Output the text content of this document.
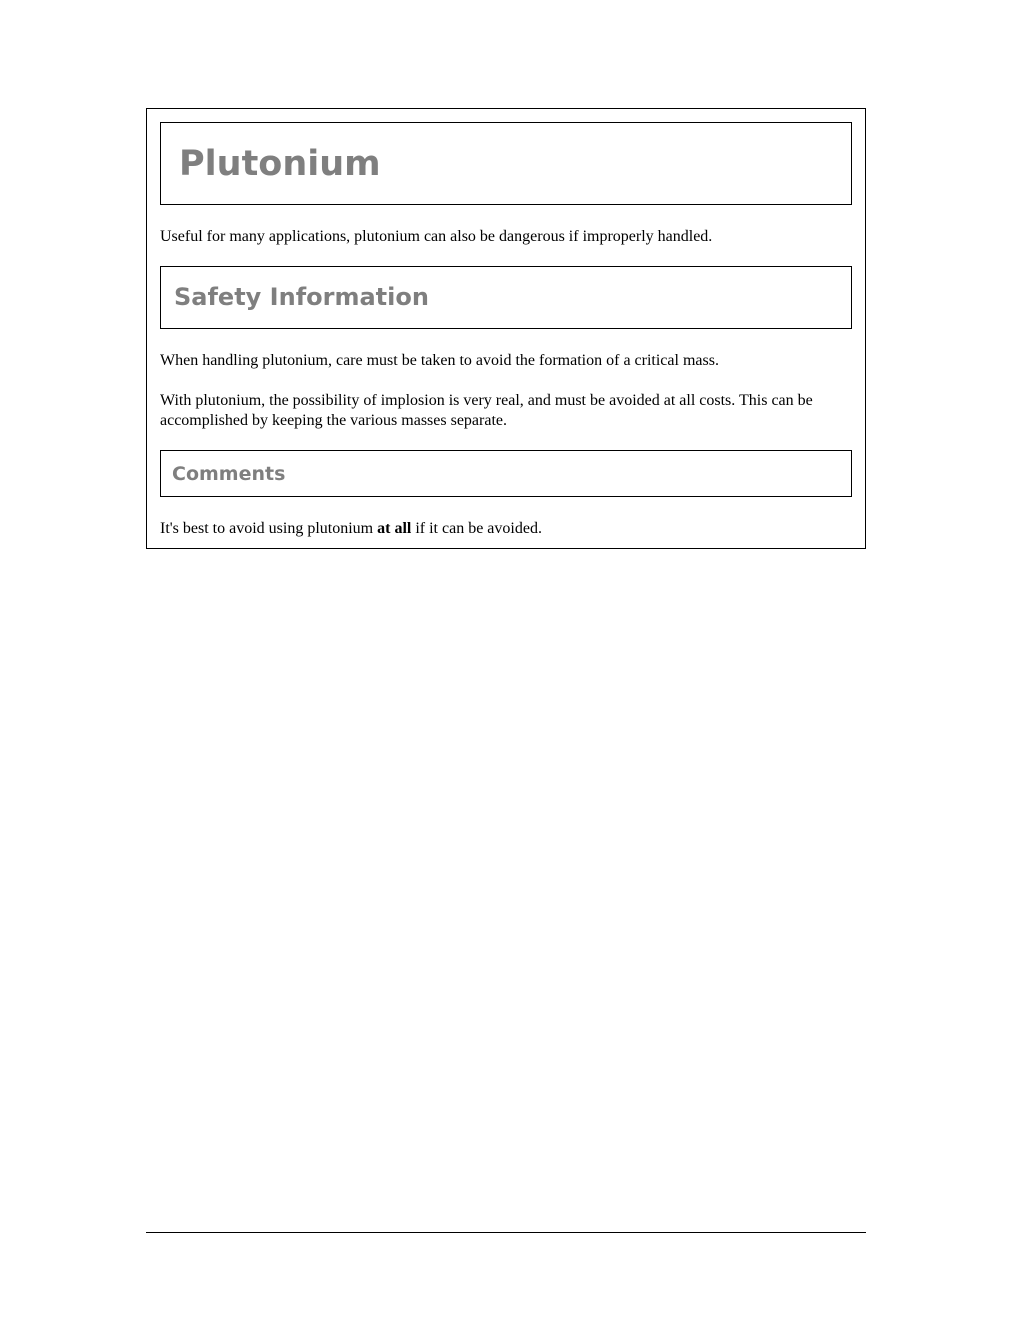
Plutonium

Useful for many applications, plutonium can also be dangerous if improperly handled.

Safety Information

When handling plutonium, care must be taken to avoid the formation of a critical mass.

With plutonium, the possibility of implosion is very real, and must be avoided at all costs. This can be accomplished by keeping the various masses separate.

Comments

It's best to avoid using plutonium at all if it can be avoided.
